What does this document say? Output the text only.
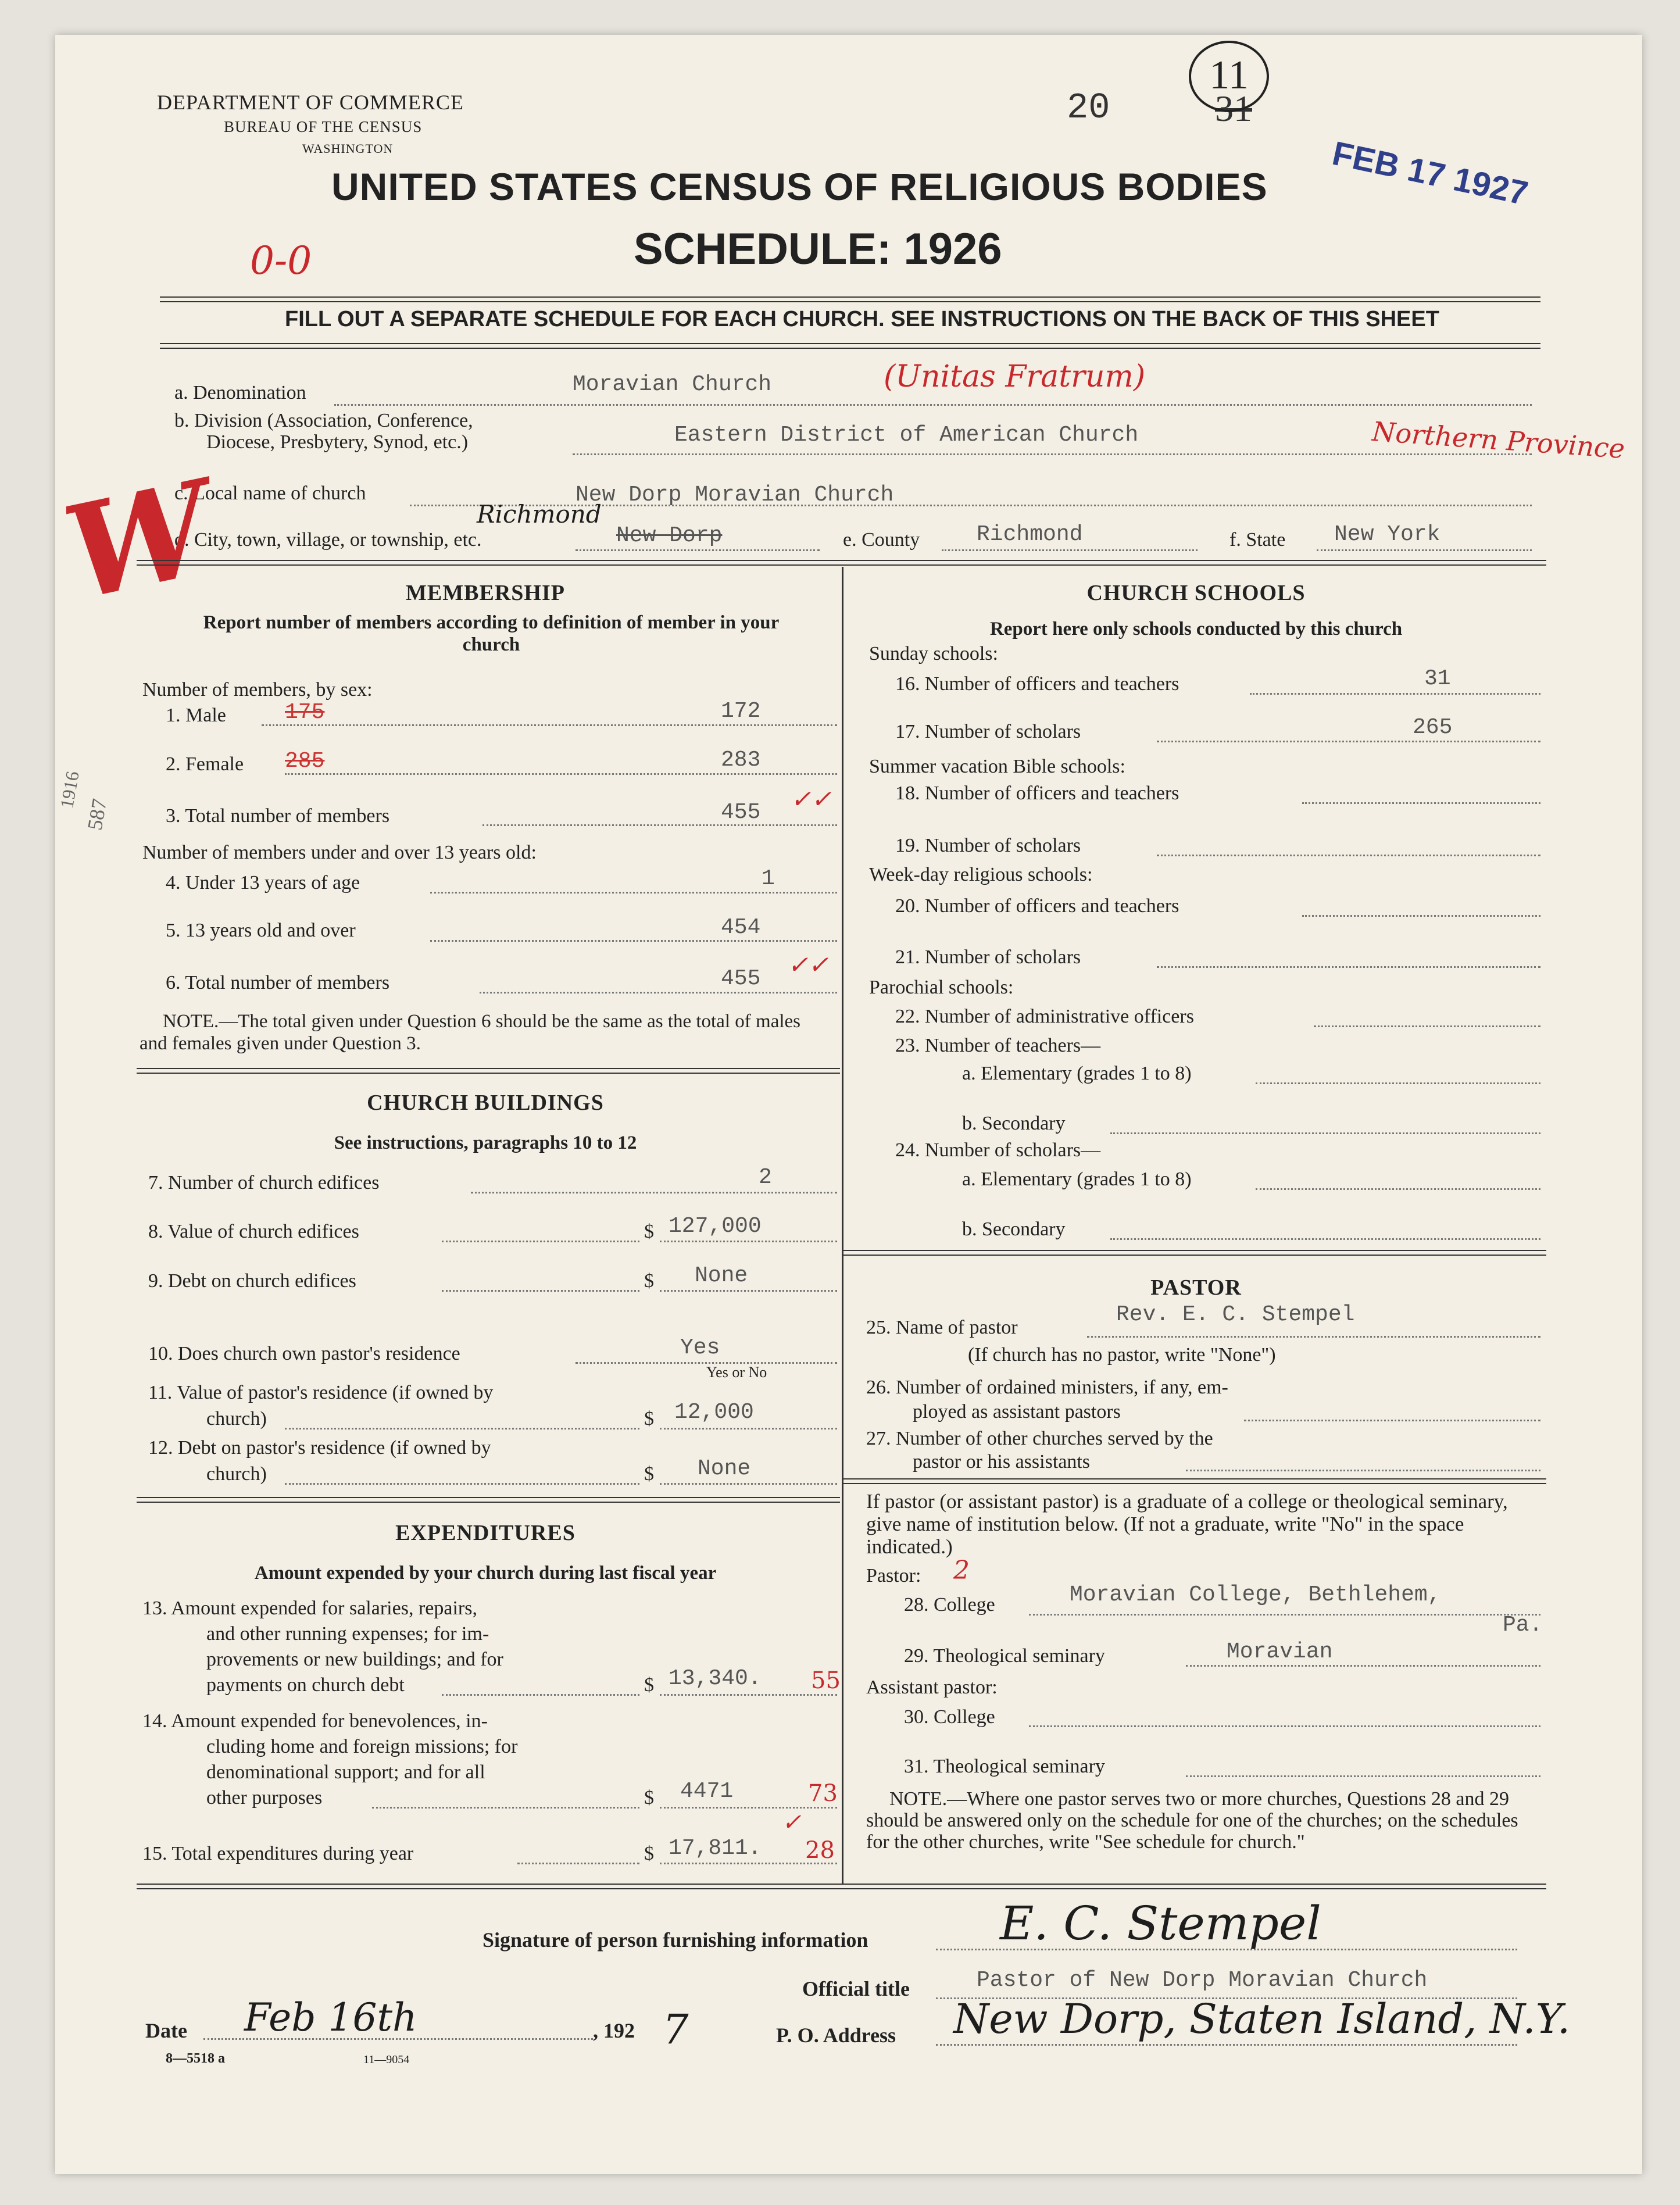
DEPARTMENT OF COMMERCE
BUREAU OF THE CENSUS
WASHINGTON
UNITED STATES CENSUS OF RELIGIOUS BODIES
SCHEDULE: 1926
20	31
11
FEB 17 1927
0-0
FILL OUT A SEPARATE SCHEDULE FOR EACH CHURCH. SEE INSTRUCTIONS ON THE BACK OF THIS SHEET
a. Denomination	Moravian Church	(Unitas Fratrum)
b. Division (Association, Conference,
Diocese, Presbytery, Synod, etc.)	Eastern District of American Church	Northern Province
c. Local name of church	New Dorp Moravian Church
Richmond
d. City, town, village, or township, etc.	New Dorp	e. County	Richmond	f. State New York
W
1916
587
MEMBERSHIP
Report number of members according to definition of member in your church
Number of members, by sex:
1. Male	175	172
2. Female 285	283
3. Total number of members	455 ✓✓
Number of members under and over 13 years old:
4. Under 13 years of age	1
5. 13 years old and over	454
6. Total number of members	455 ✓✓
NOTE.—The total given under Question 6 should be the same as the total of males and females given under Question 3.
CHURCH BUILDINGS
See instructions, paragraphs 10 to 12
7. Number of church edifices	2
8. Value of church edifices	$ 127,000
9. Debt on church edifices	$ None
10. Does church own pastor's residence	Yes
Yes or No
11. Value of pastor's residence (if owned by
church)	$ 12,000
12. Debt on pastor's residence (if owned by
church)	$ None
EXPENDITURES
Amount expended by your church during last fiscal year
13. Amount expended for salaries, repairs,
and other running expenses; for im-
provements or new buildings; and for
payments on church debt	$ 13,340. 55
14. Amount expended for benevolences, in-
cluding home and foreign missions; for
denominational support; and for all
other purposes	$ 4471	73
15. Total expenditures during year	$ 17,811. 28
✓
CHURCH SCHOOLS
Report here only schools conducted by this church
Sunday schools:
16. Number of officers and teachers	31
17. Number of scholars	265
Summer vacation Bible schools:
18. Number of officers and teachers
19. Number of scholars
Week-day religious schools:
20. Number of officers and teachers
21. Number of scholars
Parochial schools:
22. Number of administrative officers
23. Number of teachers—
a. Elementary (grades 1 to 8)
b. Secondary
24. Number of scholars—
a. Elementary (grades 1 to 8)
b. Secondary
PASTOR
25. Name of pastor
Rev. E. C. Stempel
(If church has no pastor, write "None")
26. Number of ordained ministers, if any, em-
ployed as assistant pastors
27. Number of other churches served by the
pastor or his assistants
If pastor (or assistant pastor) is a graduate of a college or theological seminary, give name of institution below. (If not a graduate, write "No" in the space indicated.)
Pastor: 2
28. College	Moravian College, Bethlehem,
Pa.
29. Theological seminary	Moravian
Assistant pastor:
30. College
31. Theological seminary
NOTE.—Where one pastor serves two or more churches, Questions 28 and 29 should be answered only on the schedule for one of the churches; on the schedules for the other churches, write "See schedule for church."
Signature of person furnishing information	E. C. Stempel
Official title	Pastor of New Dorp Moravian Church
Date Feb 16th	, 192 7	P. O. Address New Dorp, Staten Island, N.Y.
8—5518 a	11—9054
